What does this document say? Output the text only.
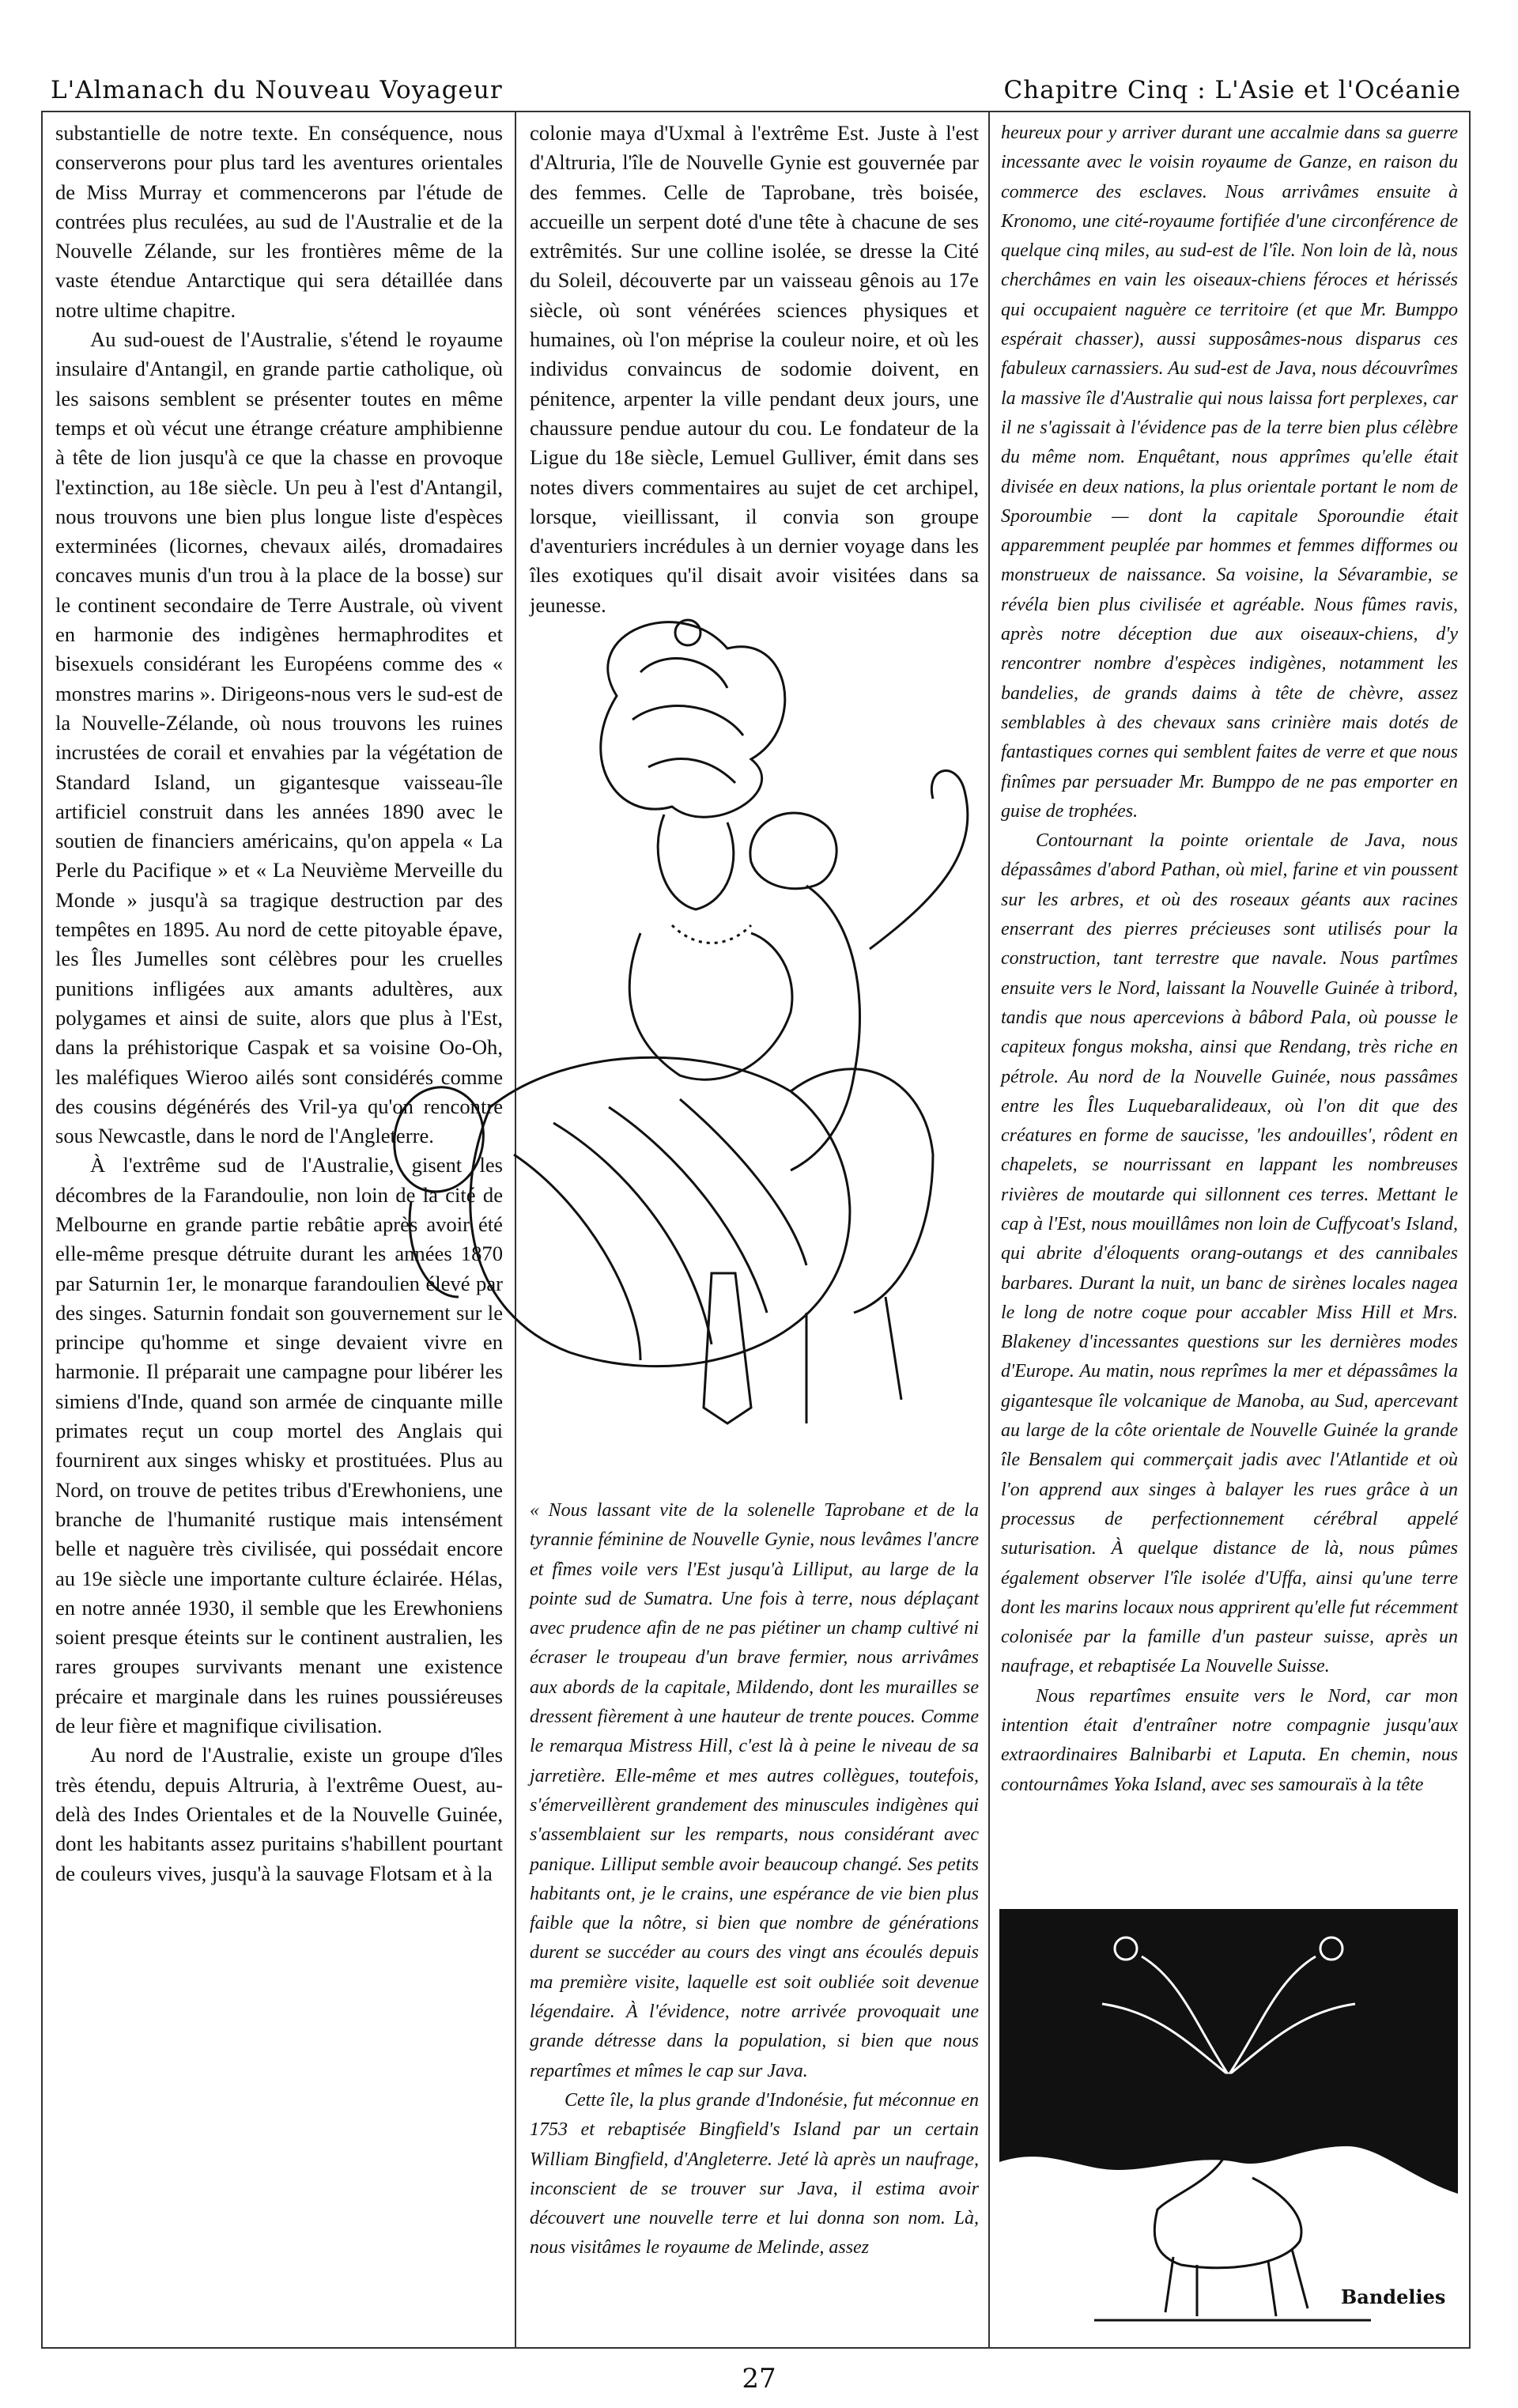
L'Almanach du Nouveau Voyageur	Chapitre Cinq : L'Asie et l'Océanie

substantielle de notre texte. En conséquence, nous conserverons pour plus tard les aventures orientales de Miss Murray et commencerons par l'étude de contrées plus reculées, au sud de l'Australie et de la Nouvelle Zélande, sur les frontières même de la vaste étendue Antarctique qui sera détaillée dans notre ultime chapitre.

Au sud-ouest de l'Australie, s'étend le royaume insulaire d'Antangil, en grande partie catholique, où les saisons semblent se présenter toutes en même temps et où vécut une étrange créature amphibienne à tête de lion jusqu'à ce que la chasse en provoque l'extinction, au 18e siècle. Un peu à l'est d'Antangil, nous trouvons une bien plus longue liste d'espèces exterminées (licornes, chevaux ailés, dromadaires concaves munis d'un trou à la place de la bosse) sur le continent secondaire de Terre Australe, où vivent en harmonie des indigènes hermaphrodites et bisexuels considérant les Européens comme des « monstres marins ». Dirigeons-nous vers le sud-est de la Nouvelle-Zélande, où nous trouvons les ruines incrustées de corail et envahies par la végétation de Standard Island, un gigantesque vaisseau-île artificiel construit dans les années 1890 avec le soutien de financiers américains, qu'on appela « La Perle du Pacifique » et « La Neuvième Merveille du Monde » jusqu'à sa tragique destruction par des tempêtes en 1895. Au nord de cette pitoyable épave, les Îles Jumelles sont célèbres pour les cruelles punitions infligées aux amants adultères, aux polygames et ainsi de suite, alors que plus à l'Est, dans la préhistorique Caspak et sa voisine Oo-Oh, les maléfiques Wieroo ailés sont considérés comme des cousins dégénérés des Vril-ya qu'on rencontre sous Newcastle, dans le nord de l'Angleterre.

À l'extrême sud de l'Australie, gisent les décombres de la Farandoulie, non loin de la cité de Melbourne en grande partie rebâtie après avoir été elle-même presque détruite durant les années 1870 par Saturnin 1er, le monarque farandoulien élevé par des singes. Saturnin fondait son gouvernement sur le principe qu'homme et singe devaient vivre en harmonie. Il préparait une campagne pour libérer les simiens d'Inde, quand son armée de cinquante mille primates reçut un coup mortel des Anglais qui fournirent aux singes whisky et prostituées. Plus au Nord, on trouve de petites tribus d'Erewhoniens, une branche de l'humanité rustique mais intensément belle et naguère très civilisée, qui possédait encore au 19e siècle une importante culture éclairée. Hélas, en notre année 1930, il semble que les Erewhoniens soient presque éteints sur le continent australien, les rares groupes survivants menant une existence précaire et marginale dans les ruines poussiéreuses de leur fière et magnifique civilisation.

Au nord de l'Australie, existe un groupe d'îles très étendu, depuis Altruria, à l'extrême Ouest, au-delà des Indes Orientales et de la Nouvelle Guinée, dont les habitants assez puritains s'habillent pourtant de couleurs vives, jusqu'à la sauvage Flotsam et à la

colonie maya d'Uxmal à l'extrême Est. Juste à l'est d'Altruria, l'île de Nouvelle Gynie est gouvernée par des femmes. Celle de Taprobane, très boisée, accueille un serpent doté d'une tête à chacune de ses extrêmités. Sur une colline isolée, se dresse la Cité du Soleil, découverte par un vaisseau gênois au 17e siècle, où sont vénérées sciences physiques et humaines, où l'on méprise la couleur noire, et où les individus convaincus de sodomie doivent, en pénitence, arpenter la ville pendant deux jours, une chaussure pendue autour du cou. Le fondateur de la Ligue du 18e siècle, Lemuel Gulliver, émit dans ses notes divers commentaires au sujet de cet archipel, lorsque, vieillissant, il convia son groupe d'aventuriers incrédules à un dernier voyage dans les îles exotiques qu'il disait avoir visitées dans sa jeunesse.

« Nous lassant vite de la solenelle Taprobane et de la tyrannie féminine de Nouvelle Gynie, nous levâmes l'ancre et fîmes voile vers l'Est jusqu'à Lilliput, au large de la pointe sud de Sumatra. Une fois à terre, nous déplaçant avec prudence afin de ne pas piétiner un champ cultivé ni écraser le troupeau d'un brave fermier, nous arrivâmes aux abords de la capitale, Mildendo, dont les murailles se dressent fièrement à une hauteur de trente pouces. Comme le remarqua Mistress Hill, c'est là à peine le niveau de sa jarretière. Elle-même et mes autres collègues, toutefois, s'émerveillèrent grandement des minuscules indigènes qui s'assemblaient sur les remparts, nous considérant avec panique. Lilliput semble avoir beaucoup changé. Ses petits habitants ont, je le crains, une espérance de vie bien plus faible que la nôtre, si bien que nombre de générations durent se succéder au cours des vingt ans écoulés depuis ma première visite, laquelle est soit oubliée soit devenue légendaire. À l'évidence, notre arrivée provoquait une grande détresse dans la population, si bien que nous repartîmes et mîmes le cap sur Java.

Cette île, la plus grande d'Indonésie, fut méconnue en 1753 et rebaptisée Bingfield's Island par un certain William Bingfield, d'Angleterre. Jeté là après un naufrage, inconscient de se trouver sur Java, il estima avoir découvert une nouvelle terre et lui donna son nom. Là, nous visitâmes le royaume de Melinde, assez

heureux pour y arriver durant une accalmie dans sa guerre incessante avec le voisin royaume de Ganze, en raison du commerce des esclaves. Nous arrivâmes ensuite à Kronomo, une cité-royaume fortifiée d'une circonférence de quelque cinq miles, au sud-est de l'île. Non loin de là, nous cherchâmes en vain les oiseaux-chiens féroces et hérissés qui occupaient naguère ce territoire (et que Mr. Bumppo espérait chasser), aussi supposâmes-nous disparus ces fabuleux carnassiers. Au sud-est de Java, nous découvrîmes la massive île d'Australie qui nous laissa fort perplexes, car il ne s'agissait à l'évidence pas de la terre bien plus célèbre du même nom. Enquêtant, nous apprîmes qu'elle était divisée en deux nations, la plus orientale portant le nom de Sporoumbie — dont la capitale Sporoundie était apparemment peuplée par hommes et femmes difformes ou monstrueux de naissance. Sa voisine, la Sévarambie, se révéla bien plus civilisée et agréable. Nous fûmes ravis, après notre déception due aux oiseaux-chiens, d'y rencontrer nombre d'espèces indigènes, notamment les bandelies, de grands daims à tête de chèvre, assez semblables à des chevaux sans crinière mais dotés de fantastiques cornes qui semblent faites de verre et que nous finîmes par persuader Mr. Bumppo de ne pas emporter en guise de trophées.

Contournant la pointe orientale de Java, nous dépassâmes d'abord Pathan, où miel, farine et vin poussent sur les arbres, et où des roseaux géants aux racines enserrant des pierres précieuses sont utilisés pour la construction, tant terrestre que navale. Nous partîmes ensuite vers le Nord, laissant la Nouvelle Guinée à tribord, tandis que nous apercevions à bâbord Pala, où pousse le capiteux fongus moksha, ainsi que Rendang, très riche en pétrole. Au nord de la Nouvelle Guinée, nous passâmes entre les Îles Luquebaralideaux, où l'on dit que des créatures en forme de saucisse, 'les andouilles', rôdent en chapelets, se nourrissant en lappant les nombreuses rivières de moutarde qui sillonnent ces terres. Mettant le cap à l'Est, nous mouillâmes non loin de Cuffycoat's Island, qui abrite d'éloquents orang-outangs et des cannibales barbares. Durant la nuit, un banc de sirènes locales nagea le long de notre coque pour accabler Miss Hill et Mrs. Blakeney d'incessantes questions sur les dernières modes d'Europe. Au matin, nous reprîmes la mer et dépassâmes la gigantesque île volcanique de Manoba, au Sud, apercevant au large de la côte orientale de Nouvelle Guinée la grande île Bensalem qui commerçait jadis avec l'Atlantide et où l'on apprend aux singes à balayer les rues grâce à un processus de perfectionnement cérébral appelé suturisation. À quelque distance de là, nous pûmes également observer l'île isolée d'Uffa, ainsi qu'une terre dont les marins locaux nous apprirent qu'elle fut récemment colonisée par la famille d'un pasteur suisse, après un naufrage, et rebaptisée La Nouvelle Suisse.

Nous repartîmes ensuite vers le Nord, car mon intention était d'entraîner notre compagnie jusqu'aux extraordinaires Balnibarbi et Laputa. En chemin, nous contournâmes Yoka Island, avec ses samouraïs à la tête

Bandelies
27
